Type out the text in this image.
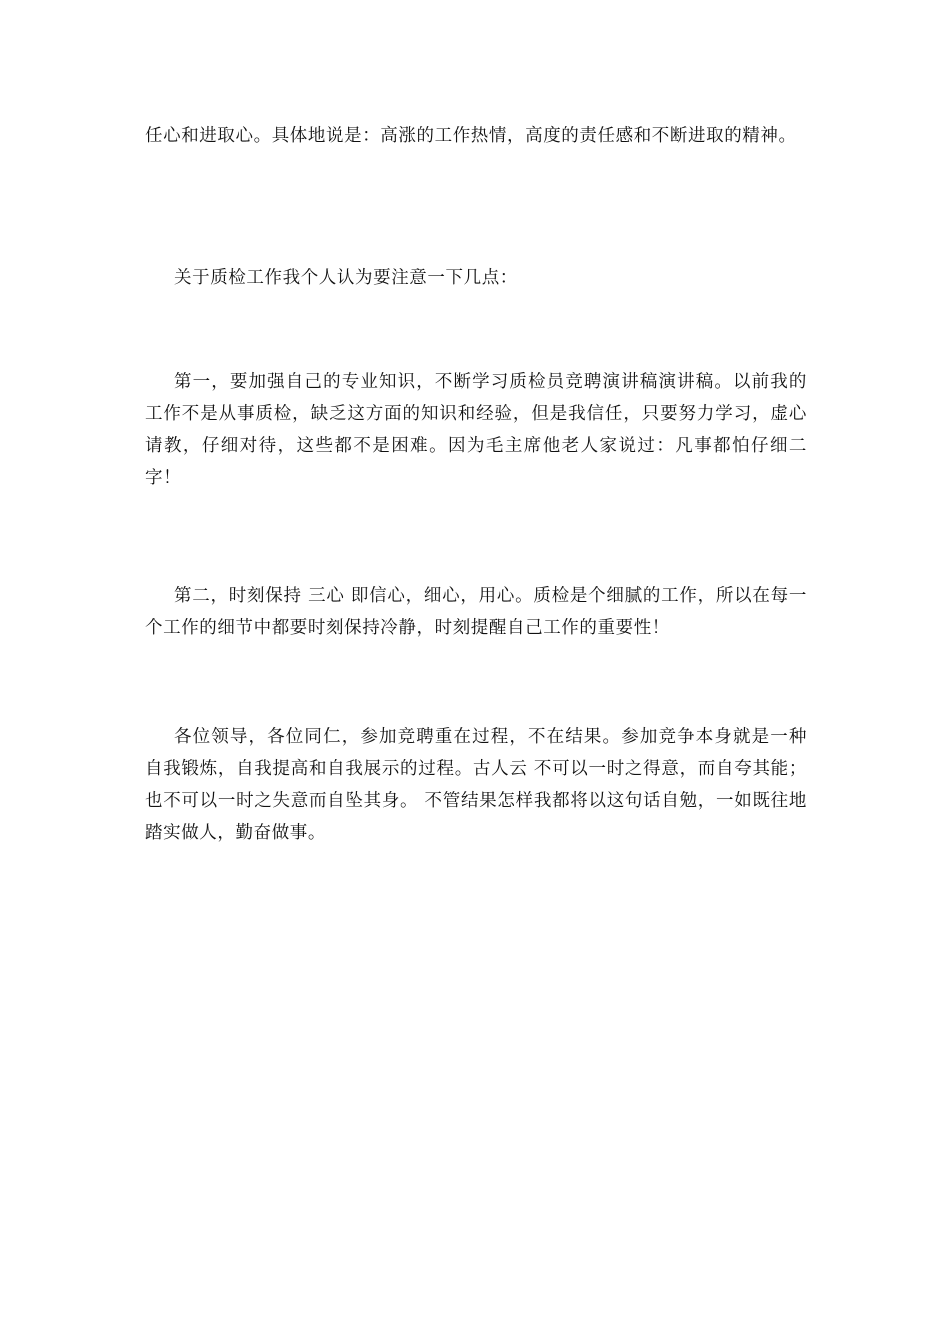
任心和进取心。具体地说是：高涨的工作热情，高度的责任感和不断进取的精神。

关于质检工作我个人认为要注意一下几点：

第一，要加强自己的专业知识，不断学习质检员竞聘演讲稿演讲稿。以前我的工作不是从事质检，缺乏这方面的知识和经验，但是我信任，只要努力学习，虚心请教，仔细对待，这些都不是困难。因为毛主席他老人家说过：凡事都怕仔细二字！

第二，时刻保持 三心 即信心，细心，用心。质检是个细腻的工作，所以在每一个工作的细节中都要时刻保持冷静，时刻提醒自己工作的重要性！

各位领导，各位同仁，参加竞聘重在过程，不在结果。参加竞争本身就是一种自我锻炼，自我提高和自我展示的过程。古人云 不可以一时之得意，而自夸其能；也不可以一时之失意而自坠其身。 不管结果怎样我都将以这句话自勉，一如既往地踏实做人，勤奋做事。
